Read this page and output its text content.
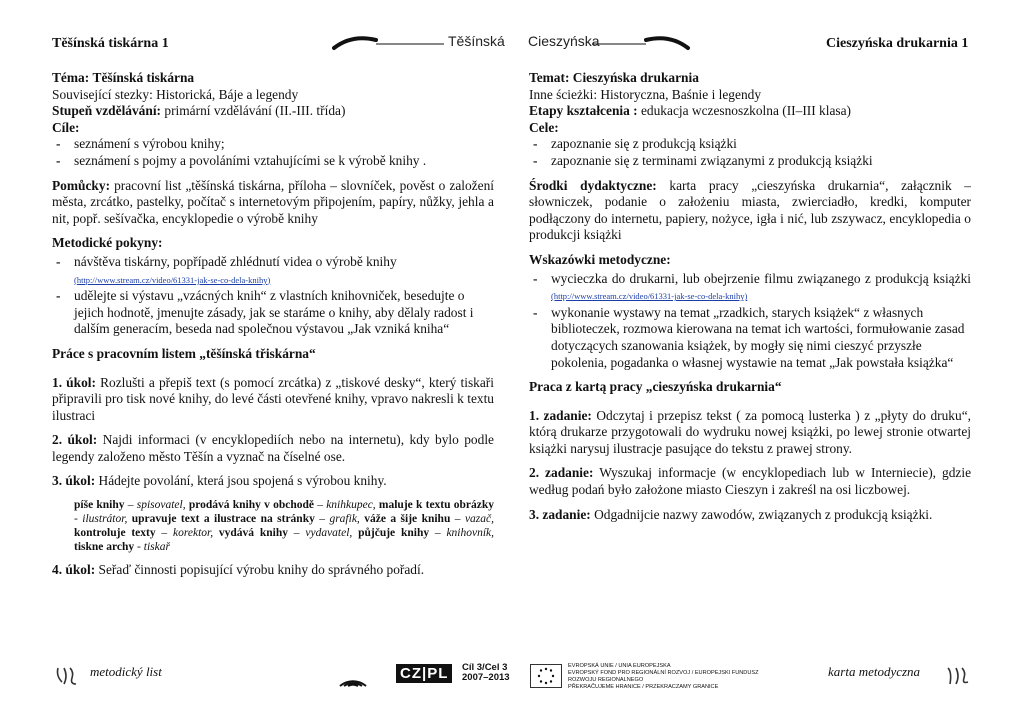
Těšínská tiskárna 1	Těšínská Cieszyńska	Cieszyńska drukarnia 1

Téma: Těšínská tiskárna

Související stezky: Historická, Báje a legendy

Stupeň vzdělávání: primární vzdělávání (II.-III. třída)

Cíle:

- seznámení s výrobou knihy;
- seznámení s pojmy a povoláními vztahujícími se k výrobě knihy .

Pomůcky: pracovní list „těšínská tiskárna, příloha – slovníček, pověst o založení města, zrcátko, pastelky, počítač s internetovým připojením, papíry, nůžky, jehla a nit, popř. sešívačka, encyklopedie o výrobě knihy

Metodické pokyny:

- návštěva tiskárny, popřípadě zhlédnutí videa o výrobě knihy
(http://www.stream.cz/video/61331-jak-se-co-dela-knihy)
- udělejte si výstavu „vzácných knih“ z vlastních knihovniček, besedujte o jejich hodnotě, jmenujte zásady, jak se staráme o knihy, aby dělaly radost i dalším generacím, beseda nad společnou výstavou „Jak vzniká kniha“

Práce s pracovním listem „těšínská třiskárna“

1. úkol: Rozlušti a přepiš text (s pomocí zrcátka) z „tiskové desky“, který tiskaři připravili pro tisk nové knihy, do levé části otevřené knihy, vpravo nakresli k textu ilustraci

2. úkol: Najdi informaci (v encyklopediích nebo na internetu), kdy bylo podle legendy založeno město Těšín a vyznač na číselné ose.

3. úkol: Hádejte povolání, která jsou spojená s výrobou knihy.

píše knihy – spisovatel, prodává knihy v obchodě – knihkupec, maluje k textu obrázky - ilustrátor, upravuje text a ilustrace na stránky – grafik, váže a šije knihu – vazač, kontroluje texty – korektor, vydává knihy – vydavatel, půjčuje knihy – knihovník, tiskne archy - tiskař

4. úkol: Seřaď činnosti popisující výrobu knihy do správného pořadí.

Temat: Cieszyńska drukarnia

Inne ścieżki: Historyczna, Baśnie i legendy

Etapy kształcenia : edukacja wczesnoszkolna (II–III klasa)

Cele:

- zapoznanie się z produkcją książki
- zapoznanie się z terminami związanymi z produkcją książki

Środki dydaktyczne: karta pracy „cieszyńska drukarnia“, załącznik – słowniczek, podanie o założeniu miasta, zwierciadło, kredki, komputer podłączony do internetu, papiery, nożyce, igła i nić, lub zszywacz, encyklopedia o produkcji książki

Wskazówki metodyczne:

- wycieczka do drukarni, lub obejrzenie filmu związanego z produkcją książki (http://www.stream.cz/video/61331-jak-se-co-dela-knihy)
- wykonanie wystawy na temat „rzadkich, starych książek“ z własnych biblioteczek, rozmowa kierowana na temat ich wartości, formułowanie zasad dotyczących szanowania książek, by mogły się nimi cieszyć przyszłe pokolenia, pogadanka o własnej wystawie na temat „Jak powstała książka“

Praca z kartą pracy „cieszyńska drukarnia“

1. zadanie: Odczytaj i przepisz tekst ( za pomocą lusterka ) z „płyty do druku“, którą drukarze przygotowali do wydruku nowej książki, po lewej stronie otwartej książki narysuj ilustracje pasujące do tekstu z prawej strony.

2. zadanie: Wyszukaj informacje (w encyklopediach lub w Interniecie), gdzie według podań było założone miasto Cieszyn i zakreśl na osi liczbowej.

3. zadanie: Odgadnijcie nazwy zawodów, związanych z produkcją książki.

metodický list	CZ|PL	Cíl 3/Cel 3
2007–2013
EVROPSKÁ UNIE / UNIA EUROPEJSKA
EVROPSKÝ FOND PRO REGIONÁLNÍ ROZVOJ / EUROPEJSKI FUNDUSZ ROZWOJU REGIONALNEGO
PŘEKRAČUJEME HRANICE / PRZEKRACZAMY GRANICE
karta metodyczna
